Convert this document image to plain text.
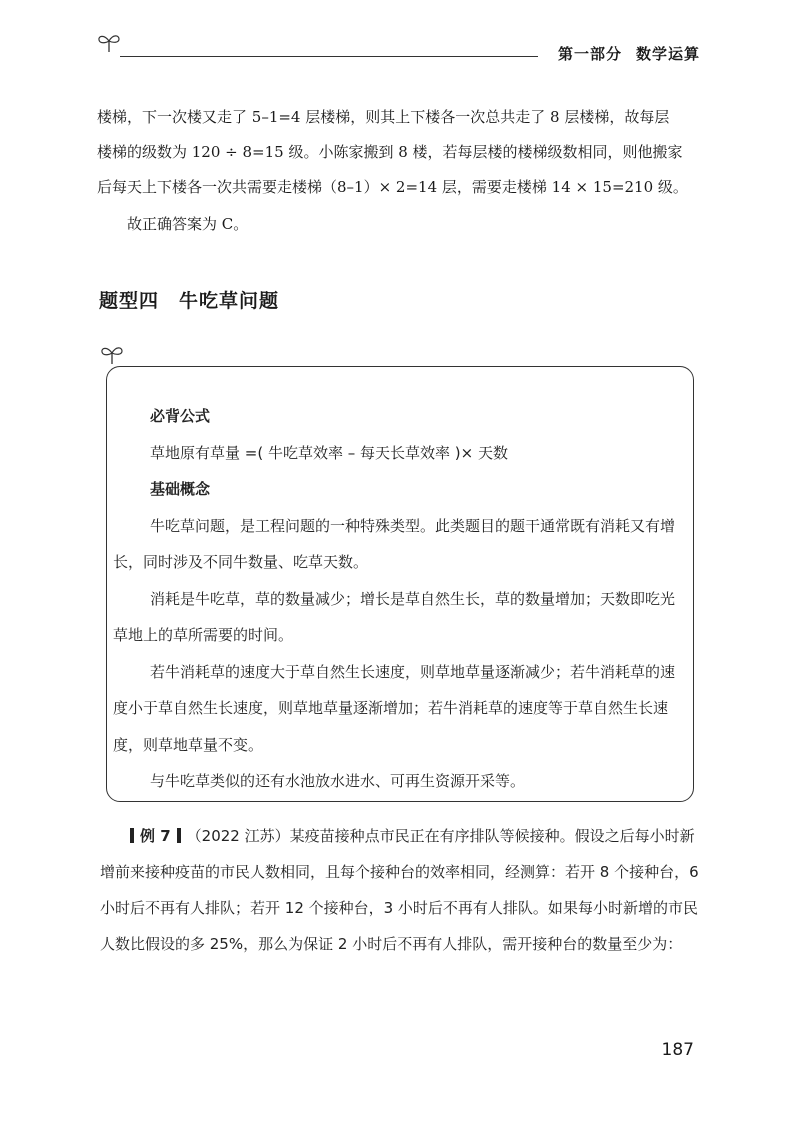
第一部分 数学运算

楼梯，下一次楼又走了 5–1=4 层楼梯，则其上下楼各一次总共走了 8 层楼梯，故每层

楼梯的级数为 120 ÷ 8=15 级。小陈家搬到 8 楼，若每层楼的楼梯级数相同，则他搬家

后每天上下楼各一次共需要走楼梯（8–1）× 2=14 层，需要走楼梯 14 × 15=210 级。

故正确答案为 C。

题型四 牛吃草问题

必背公式

草地原有草量 =( 牛吃草效率 – 每天长草效率 )× 天数

基础概念

牛吃草问题，是工程问题的一种特殊类型。此类题目的题干通常既有消耗又有增长，同时涉及不同牛数量、吃草天数。

消耗是牛吃草，草的数量减少；增长是草自然生长，草的数量增加；天数即吃光草地上的草所需要的时间。

若牛消耗草的速度大于草自然生长速度，则草地草量逐渐减少；若牛消耗草的速度小于草自然生长速度，则草地草量逐渐增加；若牛消耗草的速度等于草自然生长速度，则草地草量不变。

与牛吃草类似的还有水池放水进水、可再生资源开采等。

例 7 （2022 江苏）某疫苗接种点市民正在有序排队等候接种。假设之后每小时新增前来接种疫苗的市民人数相同，且每个接种台的效率相同，经测算：若开 8 个接种台，6 小时后不再有人排队；若开 12 个接种台，3 小时后不再有人排队。如果每小时新增的市民人数比假设的多 25%，那么为保证 2 小时后不再有人排队，需开接种台的数量至少为：

187
